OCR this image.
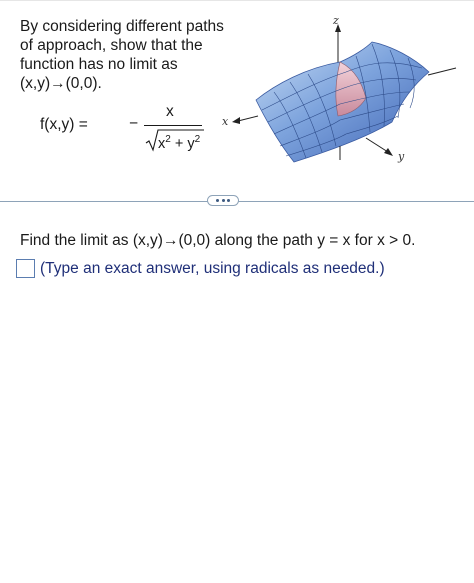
By considering different paths
of approach, show that the
function has no limit as
(x,y)→(0,0).
f(x,y) =	−
x
$x^2 + y^2$
z
x
y
Find the limit as (x,y)→(0,0) along the path y = x for x > 0.
(Type an exact answer, using radicals as needed.)
